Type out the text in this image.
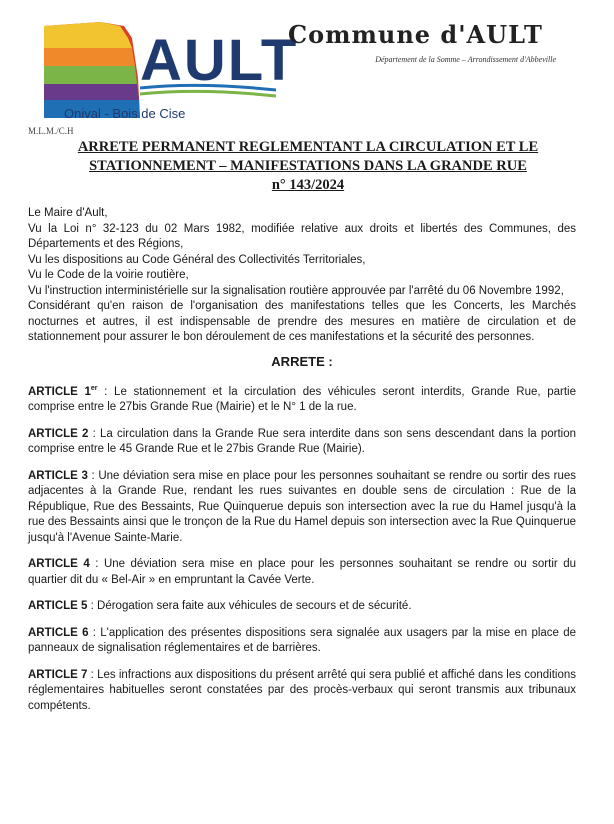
AULT
Onival - Bois de Cise
Commune d'AULT
Département de la Somme – Arrondissement d'Abbeville
M.L.M./C.H
ARRETE PERMANENT REGLEMENTANT LA CIRCULATION ET LE
STATIONNEMENT – MANIFESTATIONS DANS LA GRANDE RUE
n° 143/2024

Le Maire d'Ault,

Vu la Loi n° 32-123 du 02 Mars 1982, modifiée relative aux droits et libertés des Communes, des Départements et des Régions,

Vu les dispositions au Code Général des Collectivités Territoriales,

Vu le Code de la voirie routière,

Vu l'instruction interministérielle sur la signalisation routière approuvée par l'arrêté du 06 Novembre 1992,

Considérant qu'en raison de l'organisation des manifestations telles que les Concerts, les Marchés nocturnes et autres, il est indispensable de prendre des mesures en matière de circulation et de stationnement pour assurer le bon déroulement de ces manifestations et la sécurité des personnes.

ARRETE :

ARTICLE 1er : Le stationnement et la circulation des véhicules seront interdits, Grande Rue, partie comprise entre le 27bis Grande Rue (Mairie) et le N° 1 de la rue.

ARTICLE 2 : La circulation dans la Grande Rue sera interdite dans son sens descendant dans la portion comprise entre le 45 Grande Rue et le 27bis Grande Rue (Mairie).

ARTICLE 3 : Une déviation sera mise en place pour les personnes souhaitant se rendre ou sortir des rues adjacentes à la Grande Rue, rendant les rues suivantes en double sens de circulation : Rue de la République, Rue des Bessaints, Rue Quinquerue depuis son intersection avec la rue du Hamel jusqu'à la rue des Bessaints ainsi que le tronçon de la Rue du Hamel depuis son intersection avec la Rue Quinquerue jusqu'à l'Avenue Sainte-Marie.

ARTICLE 4 : Une déviation sera mise en place pour les personnes souhaitant se rendre ou sortir du quartier dit du « Bel-Air » en empruntant la Cavée Verte.

ARTICLE 5 : Dérogation sera faite aux véhicules de secours et de sécurité.

ARTICLE 6 : L'application des présentes dispositions sera signalée aux usagers par la mise en place de panneaux de signalisation réglementaires et de barrières.

ARTICLE 7 : Les infractions aux dispositions du présent arrêté qui sera publié et affiché dans les conditions réglementaires habituelles seront constatées par des procès-verbaux qui seront transmis aux tribunaux compétents.
